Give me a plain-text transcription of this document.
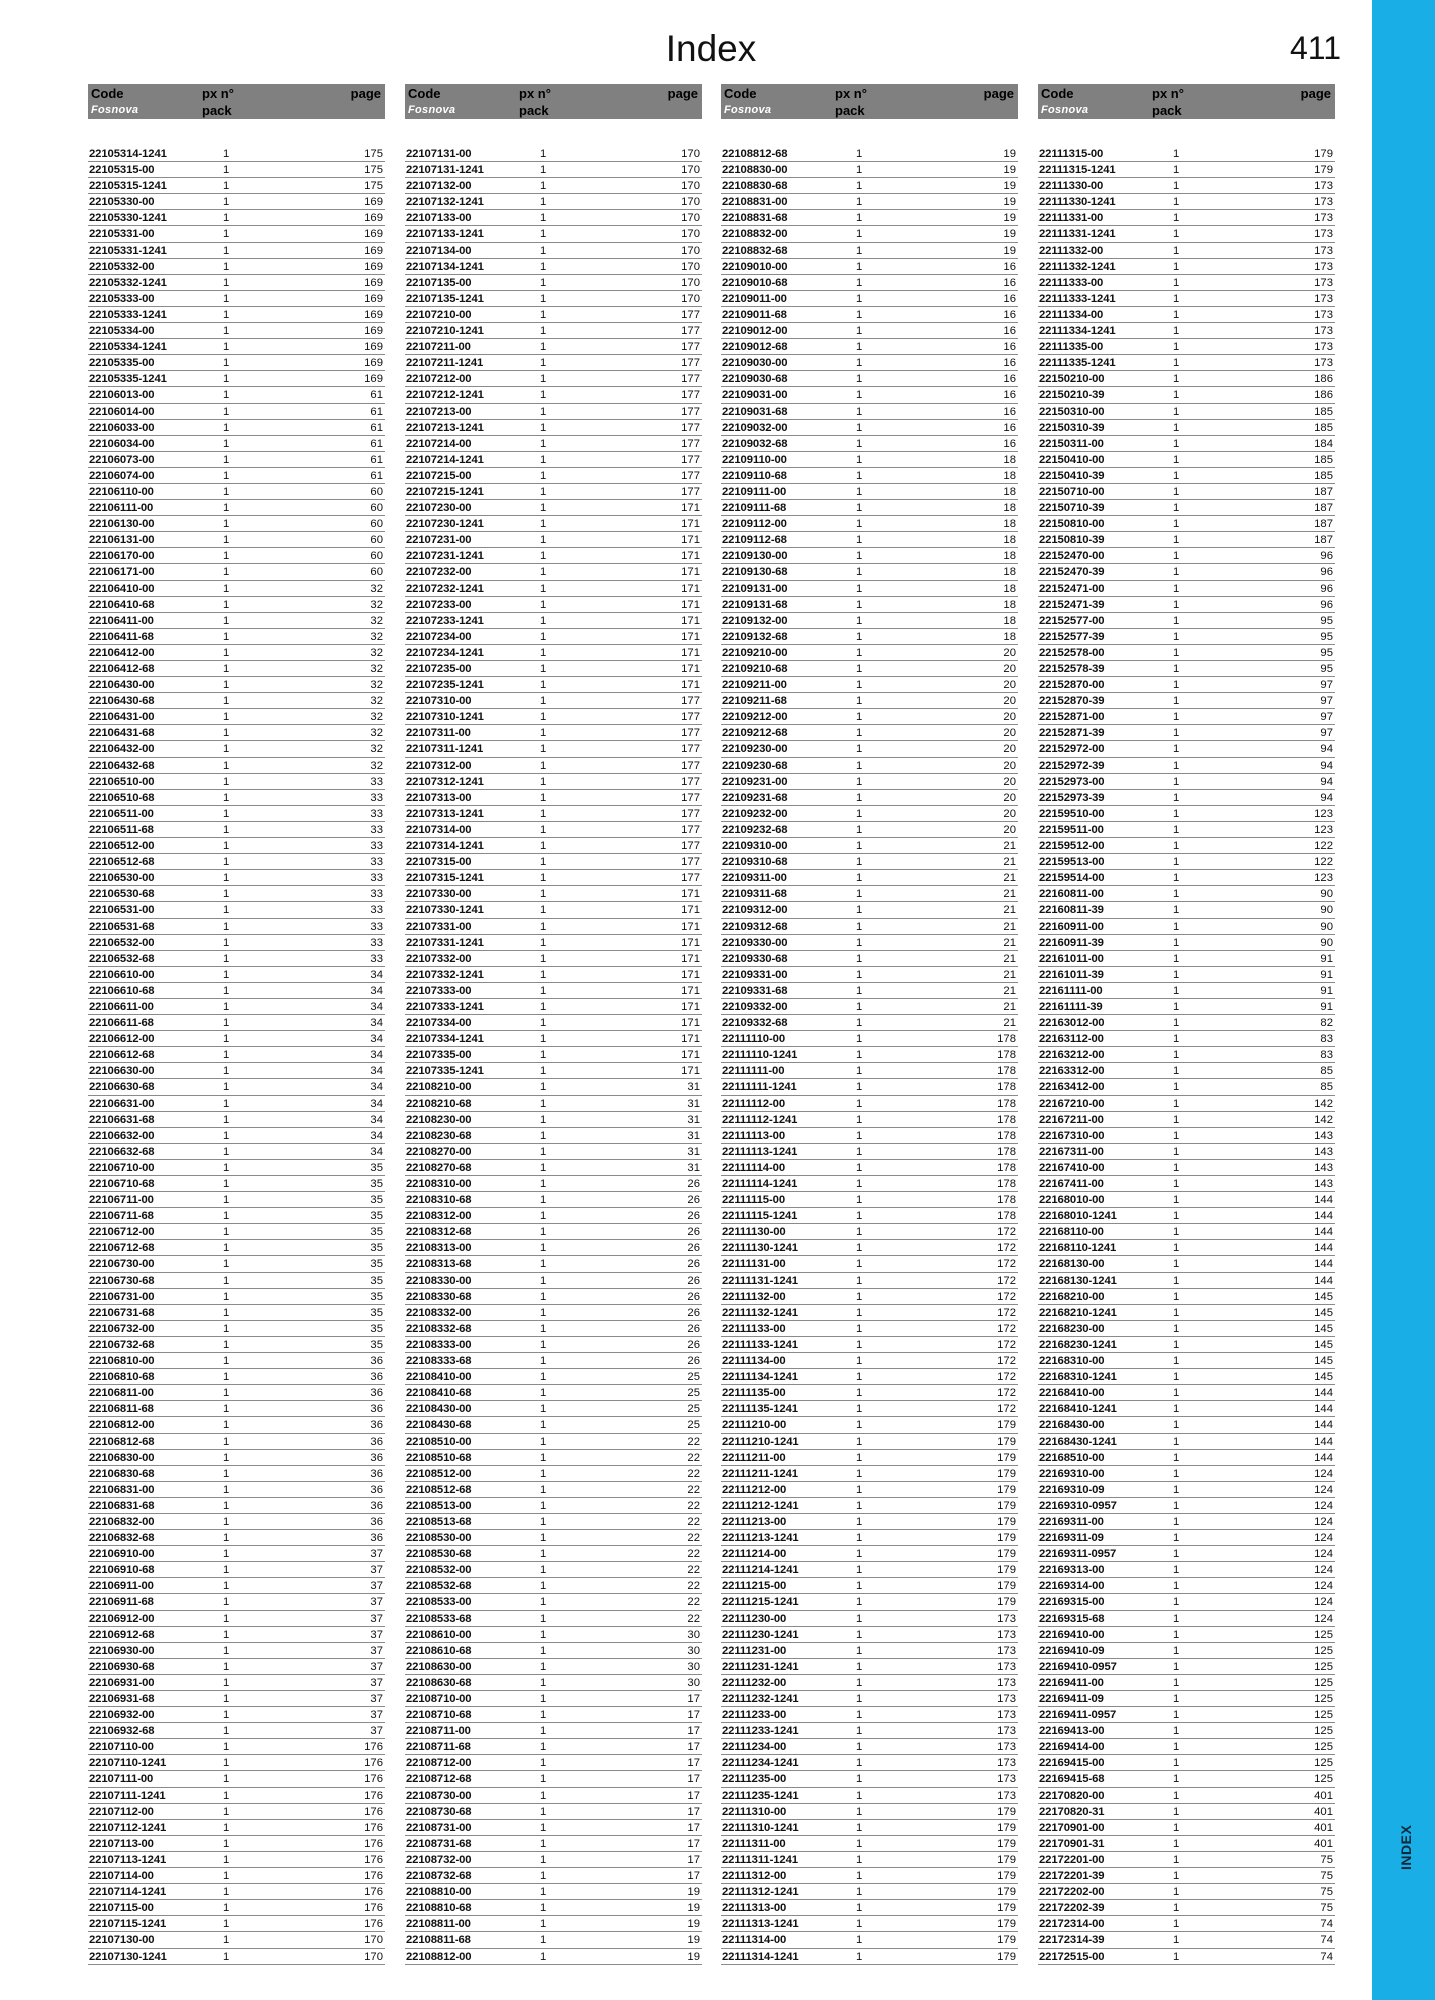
INDEX
Index	411
Code
Fosnova
px n°
pack
page
22105314-1241	1	175
22105315-00	1	175
22105315-1241	1	175
22105330-00	1	169
22105330-1241	1	169
22105331-00	1	169
22105331-1241	1	169
22105332-00	1	169
22105332-1241	1	169
22105333-00	1	169
22105333-1241	1	169
22105334-00	1	169
22105334-1241	1	169
22105335-00	1	169
22105335-1241	1	169
22106013-00	1	61
22106014-00	1	61
22106033-00	1	61
22106034-00	1	61
22106073-00	1	61
22106074-00	1	61
22106110-00	1	60
22106111-00	1	60
22106130-00	1	60
22106131-00	1	60
22106170-00	1	60
22106171-00	1	60
22106410-00	1	32
22106410-68	1	32
22106411-00	1	32
22106411-68	1	32
22106412-00	1	32
22106412-68	1	32
22106430-00	1	32
22106430-68	1	32
22106431-00	1	32
22106431-68	1	32
22106432-00	1	32
22106432-68	1	32
22106510-00	1	33
22106510-68	1	33
22106511-00	1	33
22106511-68	1	33
22106512-00	1	33
22106512-68	1	33
22106530-00	1	33
22106530-68	1	33
22106531-00	1	33
22106531-68	1	33
22106532-00	1	33
22106532-68	1	33
22106610-00	1	34
22106610-68	1	34
22106611-00	1	34
22106611-68	1	34
22106612-00	1	34
22106612-68	1	34
22106630-00	1	34
22106630-68	1	34
22106631-00	1	34
22106631-68	1	34
22106632-00	1	34
22106632-68	1	34
22106710-00	1	35
22106710-68	1	35
22106711-00	1	35
22106711-68	1	35
22106712-00	1	35
22106712-68	1	35
22106730-00	1	35
22106730-68	1	35
22106731-00	1	35
22106731-68	1	35
22106732-00	1	35
22106732-68	1	35
22106810-00	1	36
22106810-68	1	36
22106811-00	1	36
22106811-68	1	36
22106812-00	1	36
22106812-68	1	36
22106830-00	1	36
22106830-68	1	36
22106831-00	1	36
22106831-68	1	36
22106832-00	1	36
22106832-68	1	36
22106910-00	1	37
22106910-68	1	37
22106911-00	1	37
22106911-68	1	37
22106912-00	1	37
22106912-68	1	37
22106930-00	1	37
22106930-68	1	37
22106931-00	1	37
22106931-68	1	37
22106932-00	1	37
22106932-68	1	37
22107110-00	1	176
22107110-1241	1	176
22107111-00	1	176
22107111-1241	1	176
22107112-00	1	176
22107112-1241	1	176
22107113-00	1	176
22107113-1241	1	176
22107114-00	1	176
22107114-1241	1	176
22107115-00	1	176
22107115-1241	1	176
22107130-00	1	170
22107130-1241	1	170
Code
Fosnova
px n°
pack
page
22107131-00	1	170
22107131-1241	1	170
22107132-00	1	170
22107132-1241	1	170
22107133-00	1	170
22107133-1241	1	170
22107134-00	1	170
22107134-1241	1	170
22107135-00	1	170
22107135-1241	1	170
22107210-00	1	177
22107210-1241	1	177
22107211-00	1	177
22107211-1241	1	177
22107212-00	1	177
22107212-1241	1	177
22107213-00	1	177
22107213-1241	1	177
22107214-00	1	177
22107214-1241	1	177
22107215-00	1	177
22107215-1241	1	177
22107230-00	1	171
22107230-1241	1	171
22107231-00	1	171
22107231-1241	1	171
22107232-00	1	171
22107232-1241	1	171
22107233-00	1	171
22107233-1241	1	171
22107234-00	1	171
22107234-1241	1	171
22107235-00	1	171
22107235-1241	1	171
22107310-00	1	177
22107310-1241	1	177
22107311-00	1	177
22107311-1241	1	177
22107312-00	1	177
22107312-1241	1	177
22107313-00	1	177
22107313-1241	1	177
22107314-00	1	177
22107314-1241	1	177
22107315-00	1	177
22107315-1241	1	177
22107330-00	1	171
22107330-1241	1	171
22107331-00	1	171
22107331-1241	1	171
22107332-00	1	171
22107332-1241	1	171
22107333-00	1	171
22107333-1241	1	171
22107334-00	1	171
22107334-1241	1	171
22107335-00	1	171
22107335-1241	1	171
22108210-00	1	31
22108210-68	1	31
22108230-00	1	31
22108230-68	1	31
22108270-00	1	31
22108270-68	1	31
22108310-00	1	26
22108310-68	1	26
22108312-00	1	26
22108312-68	1	26
22108313-00	1	26
22108313-68	1	26
22108330-00	1	26
22108330-68	1	26
22108332-00	1	26
22108332-68	1	26
22108333-00	1	26
22108333-68	1	26
22108410-00	1	25
22108410-68	1	25
22108430-00	1	25
22108430-68	1	25
22108510-00	1	22
22108510-68	1	22
22108512-00	1	22
22108512-68	1	22
22108513-00	1	22
22108513-68	1	22
22108530-00	1	22
22108530-68	1	22
22108532-00	1	22
22108532-68	1	22
22108533-00	1	22
22108533-68	1	22
22108610-00	1	30
22108610-68	1	30
22108630-00	1	30
22108630-68	1	30
22108710-00	1	17
22108710-68	1	17
22108711-00	1	17
22108711-68	1	17
22108712-00	1	17
22108712-68	1	17
22108730-00	1	17
22108730-68	1	17
22108731-00	1	17
22108731-68	1	17
22108732-00	1	17
22108732-68	1	17
22108810-00	1	19
22108810-68	1	19
22108811-00	1	19
22108811-68	1	19
22108812-00	1	19
Code
Fosnova
px n°
pack
page
22108812-68	1	19
22108830-00	1	19
22108830-68	1	19
22108831-00	1	19
22108831-68	1	19
22108832-00	1	19
22108832-68	1	19
22109010-00	1	16
22109010-68	1	16
22109011-00	1	16
22109011-68	1	16
22109012-00	1	16
22109012-68	1	16
22109030-00	1	16
22109030-68	1	16
22109031-00	1	16
22109031-68	1	16
22109032-00	1	16
22109032-68	1	16
22109110-00	1	18
22109110-68	1	18
22109111-00	1	18
22109111-68	1	18
22109112-00	1	18
22109112-68	1	18
22109130-00	1	18
22109130-68	1	18
22109131-00	1	18
22109131-68	1	18
22109132-00	1	18
22109132-68	1	18
22109210-00	1	20
22109210-68	1	20
22109211-00	1	20
22109211-68	1	20
22109212-00	1	20
22109212-68	1	20
22109230-00	1	20
22109230-68	1	20
22109231-00	1	20
22109231-68	1	20
22109232-00	1	20
22109232-68	1	20
22109310-00	1	21
22109310-68	1	21
22109311-00	1	21
22109311-68	1	21
22109312-00	1	21
22109312-68	1	21
22109330-00	1	21
22109330-68	1	21
22109331-00	1	21
22109331-68	1	21
22109332-00	1	21
22109332-68	1	21
22111110-00	1	178
22111110-1241	1	178
22111111-00	1	178
22111111-1241	1	178
22111112-00	1	178
22111112-1241	1	178
22111113-00	1	178
22111113-1241	1	178
22111114-00	1	178
22111114-1241	1	178
22111115-00	1	178
22111115-1241	1	178
22111130-00	1	172
22111130-1241	1	172
22111131-00	1	172
22111131-1241	1	172
22111132-00	1	172
22111132-1241	1	172
22111133-00	1	172
22111133-1241	1	172
22111134-00	1	172
22111134-1241	1	172
22111135-00	1	172
22111135-1241	1	172
22111210-00	1	179
22111210-1241	1	179
22111211-00	1	179
22111211-1241	1	179
22111212-00	1	179
22111212-1241	1	179
22111213-00	1	179
22111213-1241	1	179
22111214-00	1	179
22111214-1241	1	179
22111215-00	1	179
22111215-1241	1	179
22111230-00	1	173
22111230-1241	1	173
22111231-00	1	173
22111231-1241	1	173
22111232-00	1	173
22111232-1241	1	173
22111233-00	1	173
22111233-1241	1	173
22111234-00	1	173
22111234-1241	1	173
22111235-00	1	173
22111235-1241	1	173
22111310-00	1	179
22111310-1241	1	179
22111311-00	1	179
22111311-1241	1	179
22111312-00	1	179
22111312-1241	1	179
22111313-00	1	179
22111313-1241	1	179
22111314-00	1	179
22111314-1241	1	179
Code
Fosnova
px n°
pack
page
22111315-00	1	179
22111315-1241	1	179
22111330-00	1	173
22111330-1241	1	173
22111331-00	1	173
22111331-1241	1	173
22111332-00	1	173
22111332-1241	1	173
22111333-00	1	173
22111333-1241	1	173
22111334-00	1	173
22111334-1241	1	173
22111335-00	1	173
22111335-1241	1	173
22150210-00	1	186
22150210-39	1	186
22150310-00	1	185
22150310-39	1	185
22150311-00	1	184
22150410-00	1	185
22150410-39	1	185
22150710-00	1	187
22150710-39	1	187
22150810-00	1	187
22150810-39	1	187
22152470-00	1	96
22152470-39	1	96
22152471-00	1	96
22152471-39	1	96
22152577-00	1	95
22152577-39	1	95
22152578-00	1	95
22152578-39	1	95
22152870-00	1	97
22152870-39	1	97
22152871-00	1	97
22152871-39	1	97
22152972-00	1	94
22152972-39	1	94
22152973-00	1	94
22152973-39	1	94
22159510-00	1	123
22159511-00	1	123
22159512-00	1	122
22159513-00	1	122
22159514-00	1	123
22160811-00	1	90
22160811-39	1	90
22160911-00	1	90
22160911-39	1	90
22161011-00	1	91
22161011-39	1	91
22161111-00	1	91
22161111-39	1	91
22163012-00	1	82
22163112-00	1	83
22163212-00	1	83
22163312-00	1	85
22163412-00	1	85
22167210-00	1	142
22167211-00	1	142
22167310-00	1	143
22167311-00	1	143
22167410-00	1	143
22167411-00	1	143
22168010-00	1	144
22168010-1241	1	144
22168110-00	1	144
22168110-1241	1	144
22168130-00	1	144
22168130-1241	1	144
22168210-00	1	145
22168210-1241	1	145
22168230-00	1	145
22168230-1241	1	145
22168310-00	1	145
22168310-1241	1	145
22168410-00	1	144
22168410-1241	1	144
22168430-00	1	144
22168430-1241	1	144
22168510-00	1	144
22169310-00	1	124
22169310-09	1	124
22169310-0957	1	124
22169311-00	1	124
22169311-09	1	124
22169311-0957	1	124
22169313-00	1	124
22169314-00	1	124
22169315-00	1	124
22169315-68	1	124
22169410-00	1	125
22169410-09	1	125
22169410-0957	1	125
22169411-00	1	125
22169411-09	1	125
22169411-0957	1	125
22169413-00	1	125
22169414-00	1	125
22169415-00	1	125
22169415-68	1	125
22170820-00	1	401
22170820-31	1	401
22170901-00	1	401
22170901-31	1	401
22172201-00	1	75
22172201-39	1	75
22172202-00	1	75
22172202-39	1	75
22172314-00	1	74
22172314-39	1	74
22172515-00	1	74
